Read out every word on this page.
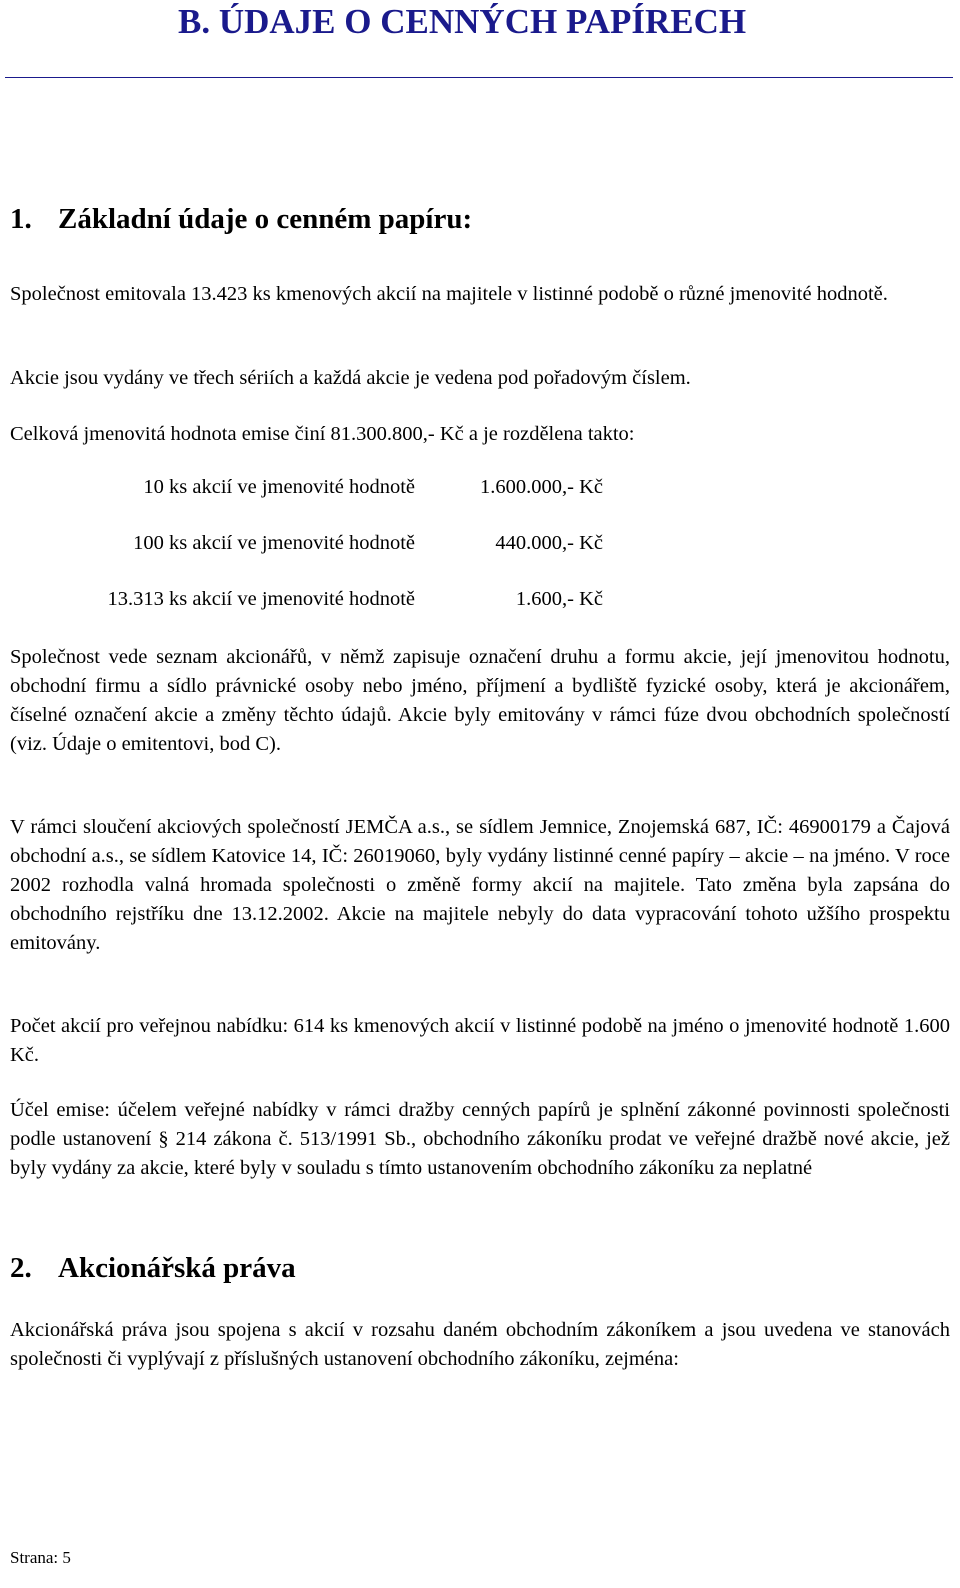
B. ÚDAJE O CENNÝCH PAPÍRECH
1. Základní údaje o cenném papíru:

Společnost emitovala 13.423 ks kmenových akcií na majitele v listinné podobě o různé jmenovité hodnotě.

Akcie jsou vydány ve třech sériích a každá akcie je vedena pod pořadovým číslem.

Celková jmenovitá hodnota emise činí 81.300.800,- Kč a je rozdělena takto:

10 ks akcií ve jmenovité hodnotě	1.600.000,- Kč
100 ks akcií ve jmenovité hodnotě	440.000,- Kč
13.313 ks akcií ve jmenovité hodnotě	1.600,- Kč

Společnost vede seznam akcionářů, v němž zapisuje označení druhu a formu akcie, její jmenovitou hodnotu, obchodní firmu a sídlo právnické osoby nebo jméno, příjmení a bydliště fyzické osoby, která je akcionářem, číselné označení akcie a změny těchto údajů. Akcie byly emitovány v rámci fúze dvou obchodních společností (viz. Údaje o emitentovi, bod C).

V rámci sloučení akciových společností JEMČA a.s., se sídlem Jemnice, Znojemská 687, IČ: 46900179 a Čajová obchodní a.s., se sídlem Katovice 14, IČ: 26019060, byly vydány listinné cenné papíry – akcie – na jméno. V roce 2002 rozhodla valná hromada společnosti o změně formy akcií na majitele. Tato změna byla zapsána do obchodního rejstříku dne 13.12.2002. Akcie na majitele nebyly do data vypracování tohoto užšího prospektu emitovány.

Počet akcií pro veřejnou nabídku: 614 ks kmenových akcií v listinné podobě na jméno o jmenovité hodnotě 1.600 Kč.

Účel emise: účelem veřejné nabídky v rámci dražby cenných papírů je splnění zákonné povinnosti společnosti podle ustanovení § 214 zákona č. 513/1991 Sb., obchodního zákoníku prodat ve veřejné dražbě nové akcie, jež byly vydány za akcie, které byly v souladu s tímto ustanovením obchodního zákoníku za neplatné

2. Akcionářská práva

Akcionářská práva jsou spojena s akcií v rozsahu daném obchodním zákoníkem a jsou uvedena ve stanovách společnosti či vyplývají z příslušných ustanovení obchodního zákoníku, zejména:

Strana: 5
